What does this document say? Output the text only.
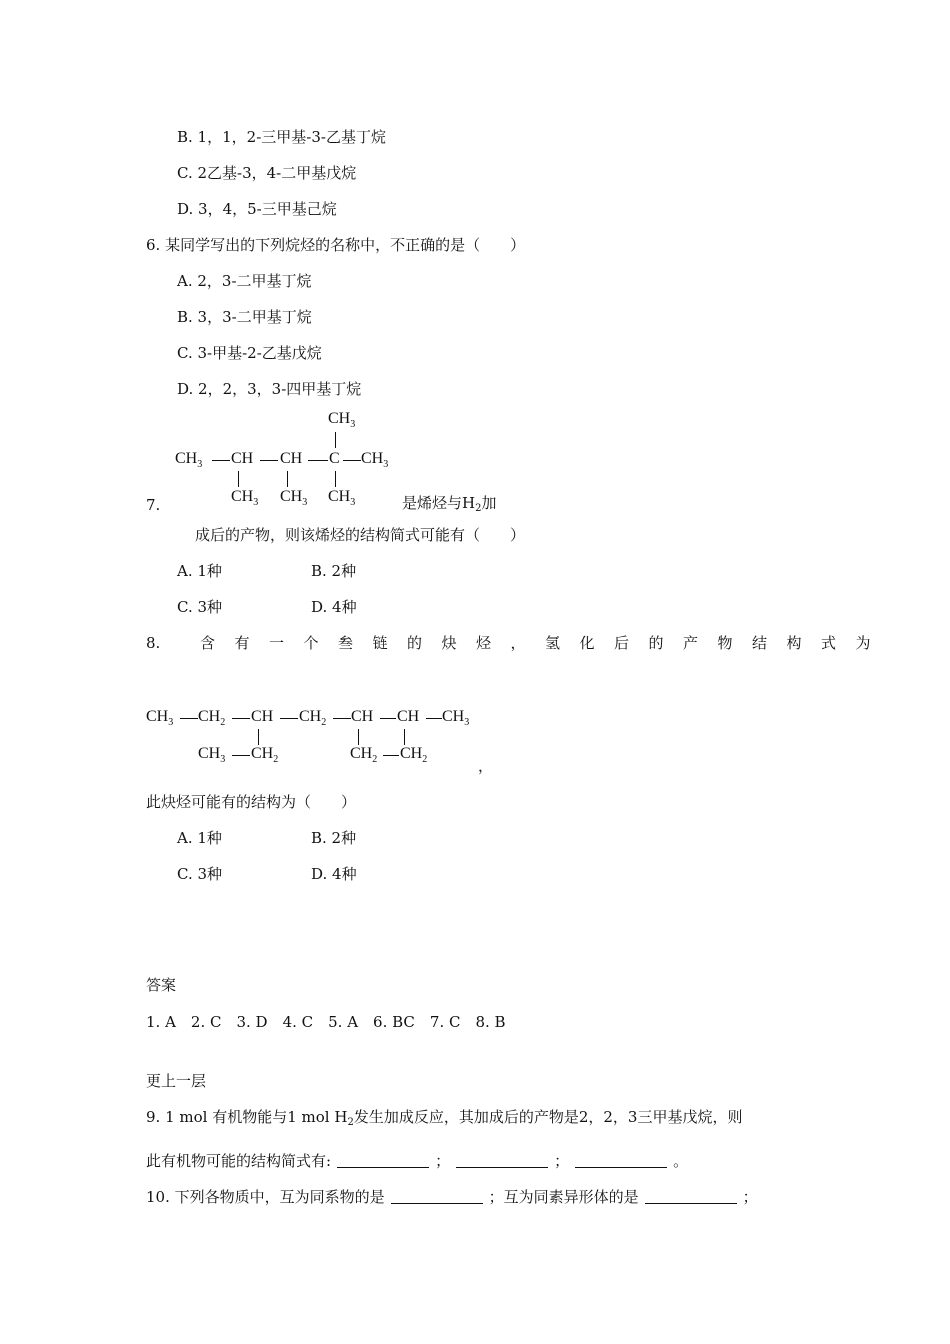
B. 1，1，2-三甲基-3-乙基丁烷
C. 2乙基-3，4-二甲基戊烷
D. 3，4，5-三甲基己烷
6. 某同学写出的下列烷烃的名称中，不正确的是（　　）
A. 2，3-二甲基丁烷
B. 3，3-二甲基丁烷
C. 3-甲基-2-乙基戊烷
D. 2，2，3，3-四甲基丁烷
$CH_3$
$CH_3$ CH CH C $CH_3$
$CH_3$ $CH_3$ $CH_3$
7.	是烯烃与$H_2$加
成后的产物，则该烯烃的结构简式可能有（　　）
A. 1种	B. 2种
C. 3种	D. 4种
8.	含有一个叁链的炔烃，氢化后的产物结构式为
$CH_3$ $CH_2$ CH $CH_2$ CH CH $CH_3$
$CH_3$ $CH_2$	$CH_2$ $CH_2$	，
此炔烃可能有的结构为（　　）
A. 1种	B. 2种
C. 3种	D. 4种
答案
1. A　2. C　3. D　4. C　5. A　6. BC　7. C　8. B
更上一层
9. 1 mol 有机物能与1 mol $H_2$发生加成反应，其加成后的产物是2，2，3三甲基戊烷，则
此有机物可能的结构简式有:	；	；	。
10. 下列各物质中，互为同系物的是	；互为同素异形体的是	；
